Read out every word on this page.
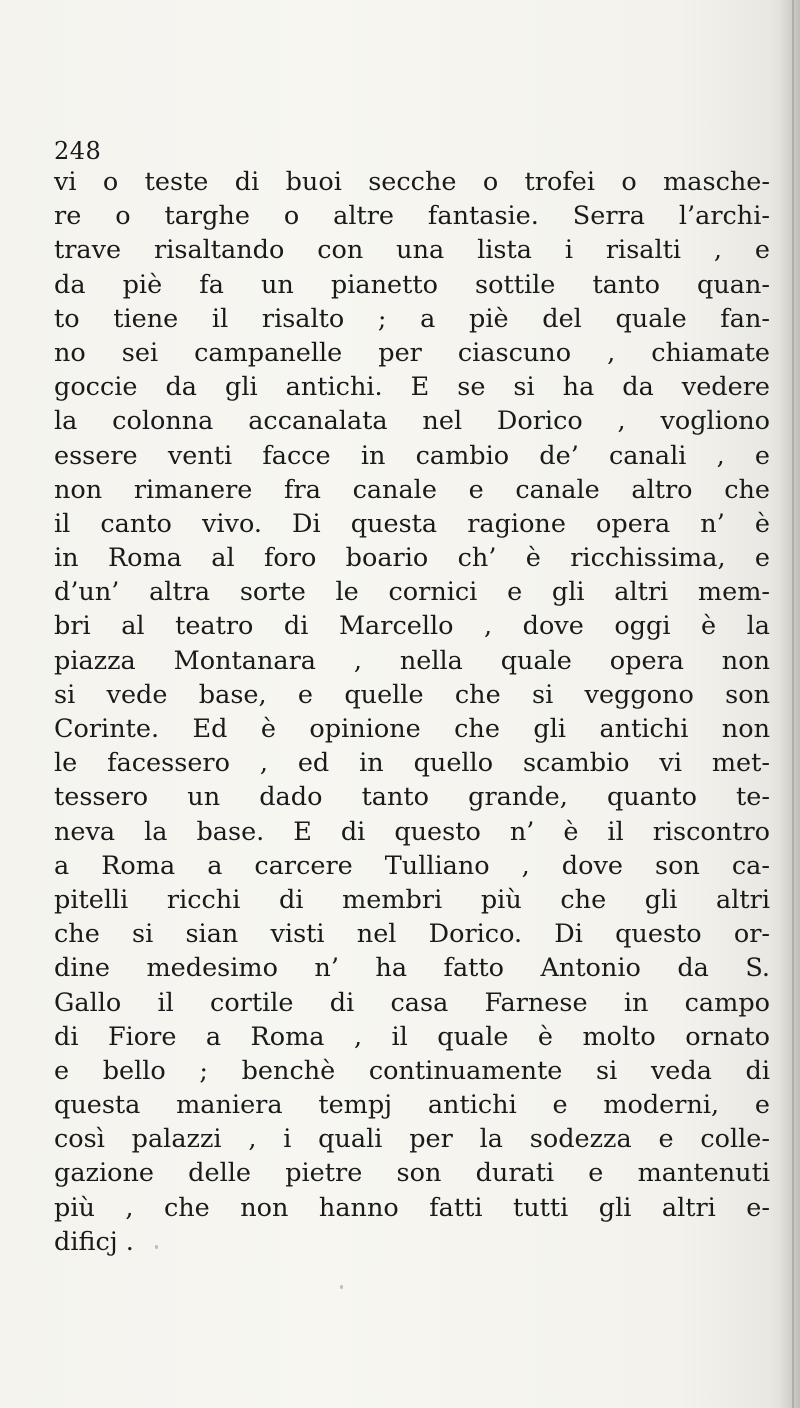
248
vi o teste di buoi secche o trofei o masche-
re o targhe o altre fantasie. Serra l’archi-
trave risaltando con una lista i risalti , e
da piè fa un pianetto sottile tanto quan-
to tiene il risalto ; a piè del quale fan-
no sei campanelle per ciascuno , chiamate
goccie da gli antichi. E se si ha da vedere
la colonna accanalata nel Dorico , vogliono
essere venti facce in cambio de’ canali , e
non rimanere fra canale e canale altro che
il canto vivo. Di questa ragione opera n’ è
in Roma al foro boario ch’ è ricchissima, e
d’un’ altra sorte le cornici e gli altri mem-
bri al teatro di Marcello , dove oggi è la
piazza Montanara , nella quale opera non
si vede base, e quelle che si veggono son
Corinte. Ed è opinione che gli antichi non
le facessero , ed in quello scambio vi met-
tessero un dado tanto grande, quanto te-
neva la base. E di questo n’ è il riscontro
a Roma a carcere Tulliano , dove son ca-
pitelli ricchi di membri più che gli altri
che si sian visti nel Dorico. Di questo or-
dine medesimo n’ ha fatto Antonio da S.
Gallo il cortile di casa Farnese in campo
di Fiore a Roma , il quale è molto ornato
e bello ; benchè continuamente si veda di
questa maniera tempj antichi e moderni, e
così palazzi , i quali per la sodezza e colle-
gazione delle pietre son durati e mantenuti
più , che non hanno fatti tutti gli altri e-
dificj .
